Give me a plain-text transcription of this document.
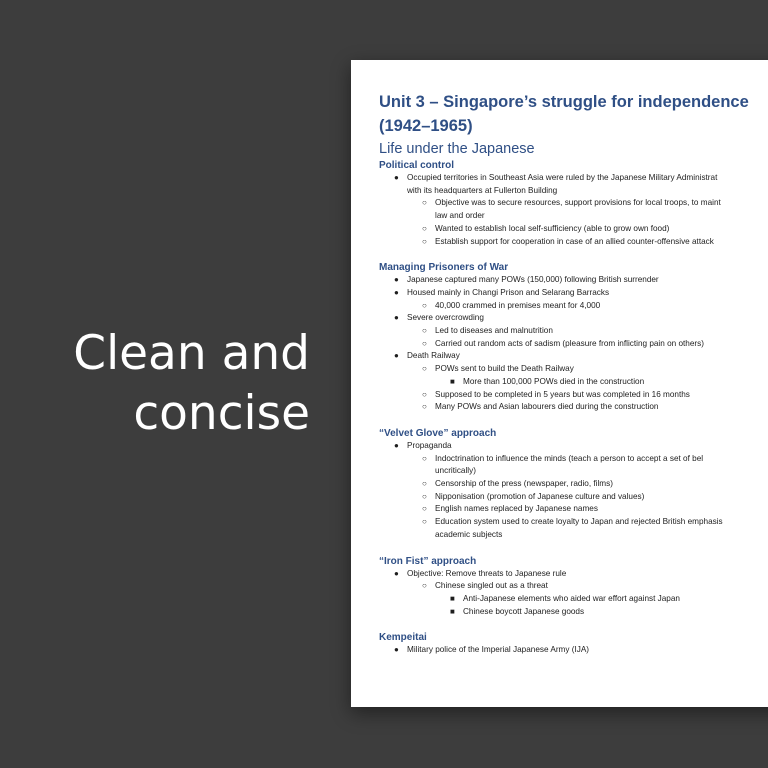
Clean and
concise
Unit 3 – Singapore’s struggle for independence
(1942–1965)
Life under the Japanese
Political control
● Occupied territories in Southeast Asia were ruled by the Japanese Military Administrat
with its headquarters at Fullerton Building
○ Objective was to secure resources, support provisions for local troops, to maint
law and order
○ Wanted to establish local self-sufficiency (able to grow own food)
○ Establish support for cooperation in case of an allied counter-offensive attack
Managing Prisoners of War
● Japanese captured many POWs (150,000) following British surrender
● Housed mainly in Changi Prison and Selarang Barracks
○ 40,000 crammed in premises meant for 4,000
● Severe overcrowding
○ Led to diseases and malnutrition
○ Carried out random acts of sadism (pleasure from inflicting pain on others)
● Death Railway
○ POWs sent to build the Death Railway
■ More than 100,000 POWs died in the construction
○ Supposed to be completed in 5 years but was completed in 16 months
○ Many POWs and Asian labourers died during the construction
“Velvet Glove” approach
● Propaganda
○ Indoctrination to influence the minds (teach a person to accept a set of bel
uncritically)
○ Censorship of the press (newspaper, radio, films)
○ Nipponisation (promotion of Japanese culture and values)
○ English names replaced by Japanese names
○ Education system used to create loyalty to Japan and rejected British emphasis
academic subjects
“Iron Fist” approach
● Objective: Remove threats to Japanese rule
○ Chinese singled out as a threat
■ Anti-Japanese elements who aided war effort against Japan
■ Chinese boycott Japanese goods
Kempeitai
● Military police of the Imperial Japanese Army (IJA)
